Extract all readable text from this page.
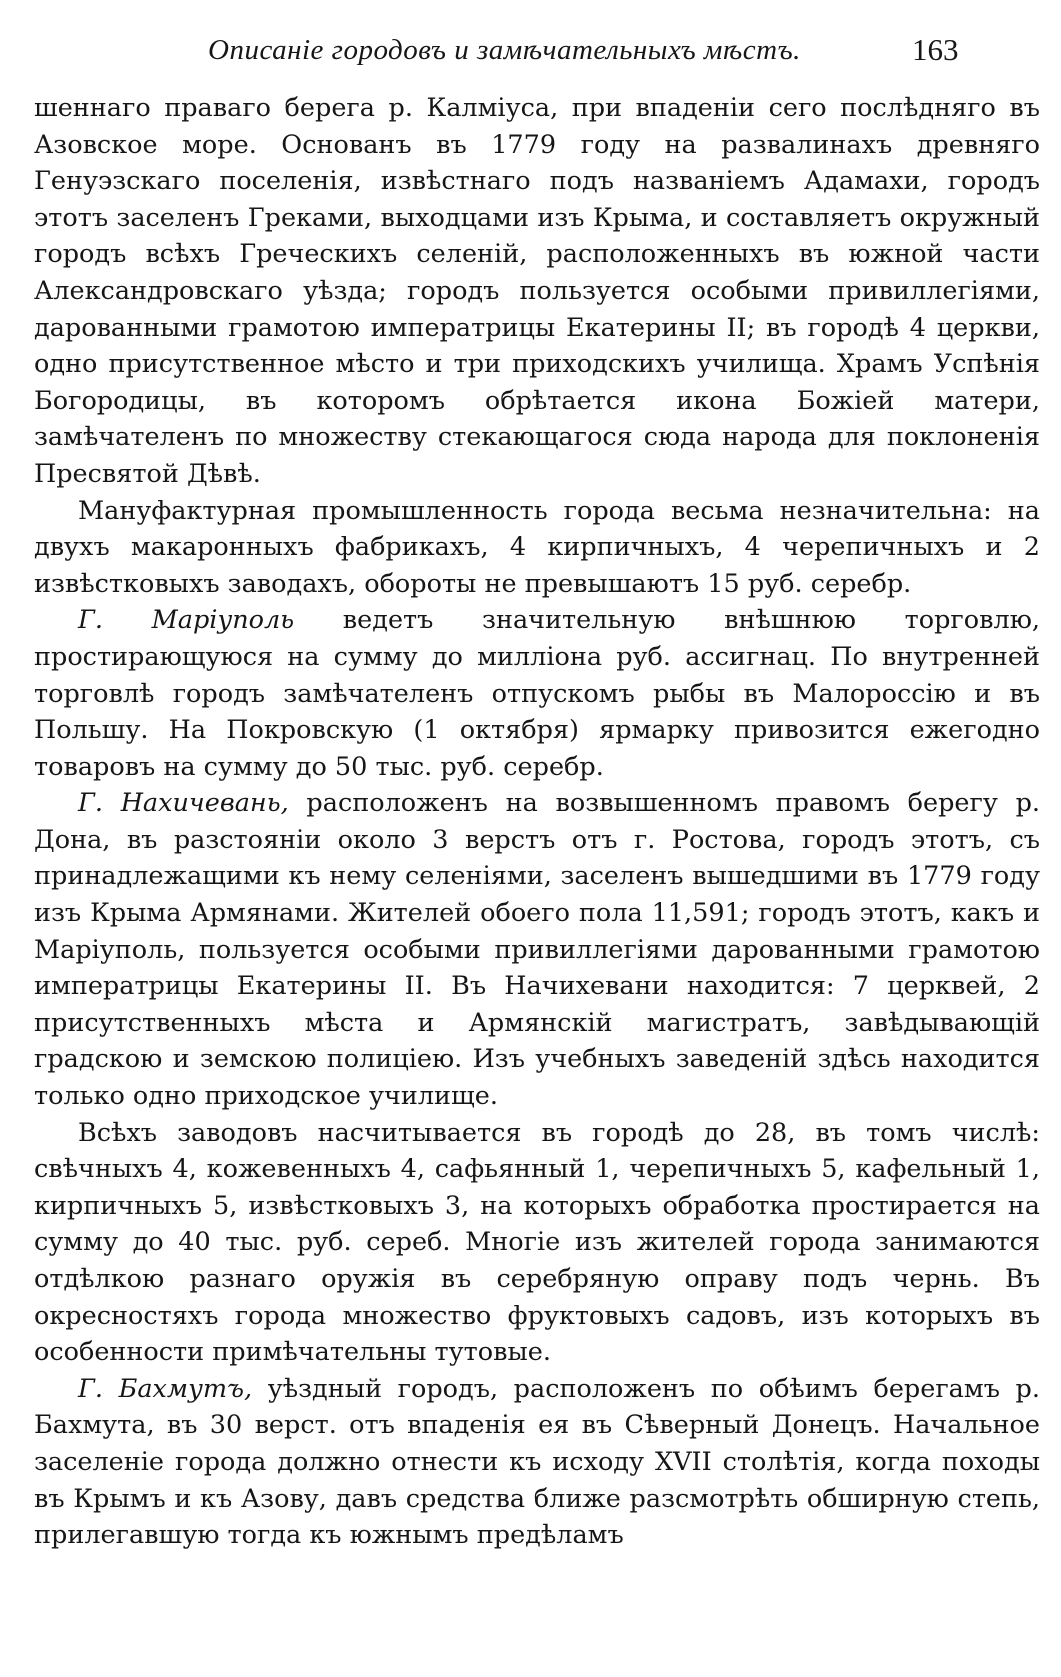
Описаніе городовъ и замѣчательныхъ мѣстъ.	163

шеннаго праваго берега р. Калміуса, при впаденіи сего послѣдняго въ Азовское море. Основанъ въ 1779 году на развалинахъ древняго Генуэзскаго поселенія, извѣстнаго подъ названіемъ Адамахи, городъ этотъ заселенъ Греками, выходцами изъ Крыма, и составляетъ окружный городъ всѣхъ Греческихъ селеній, расположенныхъ въ южной части Александровскаго уѣзда; городъ пользуется особыми привиллегіями, дарованными грамотою императрицы Екатерины II; въ городѣ 4 церкви, одно присутственное мѣсто и три приходскихъ училища. Храмъ Успѣнія Богородицы, въ которомъ обрѣтается икона Божіей матери, замѣчателенъ по множеству стекающагося сюда народа для поклоненія Пресвятой Дѣвѣ.

Мануфактурная промышленность города весьма незначительна: на двухъ макаронныхъ фабрикахъ, 4 кирпичныхъ, 4 черепичныхъ и 2 извѣстковыхъ заводахъ, обороты не превышаютъ 15 руб. серебр.

Г. Маріуполь ведетъ значительную внѣшнюю торговлю, простирающуюся на сумму до милліона руб. ассигнац. По внутренней торговлѣ городъ замѣчателенъ отпускомъ рыбы въ Малороссію и въ Польшу. На Покровскую (1 октября) ярмарку привозится ежегодно товаровъ на сумму до 50 тыс. руб. серебр.

Г. Нахичевань, расположенъ на возвышенномъ правомъ берегу р. Дона, въ разстояніи около 3 верстъ отъ г. Ростова, городъ этотъ, съ принадлежащими къ нему селеніями, заселенъ вышедшими въ 1779 году изъ Крыма Армянами. Жителей обоего пола 11,591; городъ этотъ, какъ и Маріуполь, пользуется особыми привиллегіями дарованными грамотою императрицы Екатерины II. Въ Начихевани находится: 7 церквей, 2 присутственныхъ мѣста и Армянскій магистратъ, завѣдывающій градскою и земскою полиціею. Изъ учебныхъ заведеній здѣсь находится только одно приходское училище.

Всѣхъ заводовъ насчитывается въ городѣ до 28, въ томъ числѣ: свѣчныхъ 4, кожевенныхъ 4, сафьянный 1, черепичныхъ 5, кафельный 1, кирпичныхъ 5, извѣстковыхъ 3, на которыхъ обработка простирается на сумму до 40 тыс. руб. сереб. Многіе изъ жителей города занимаются отдѣлкою разнаго оружія въ серебряную оправу подъ чернь. Въ окресностяхъ города множество фруктовыхъ садовъ, изъ которыхъ въ особенности примѣчательны тутовые.

Г. Бахмутъ, уѣздный городъ, расположенъ по обѣимъ берегамъ р. Бахмута, въ 30 верст. отъ впаденія ея въ Сѣверный Донецъ. Начальное заселеніе города должно отнести къ исходу XVII столѣтія, когда походы въ Крымъ и къ Азову, давъ средства ближе разсмотрѣть обширную степь, прилегавшую тогда къ южнымъ предѣламъ
